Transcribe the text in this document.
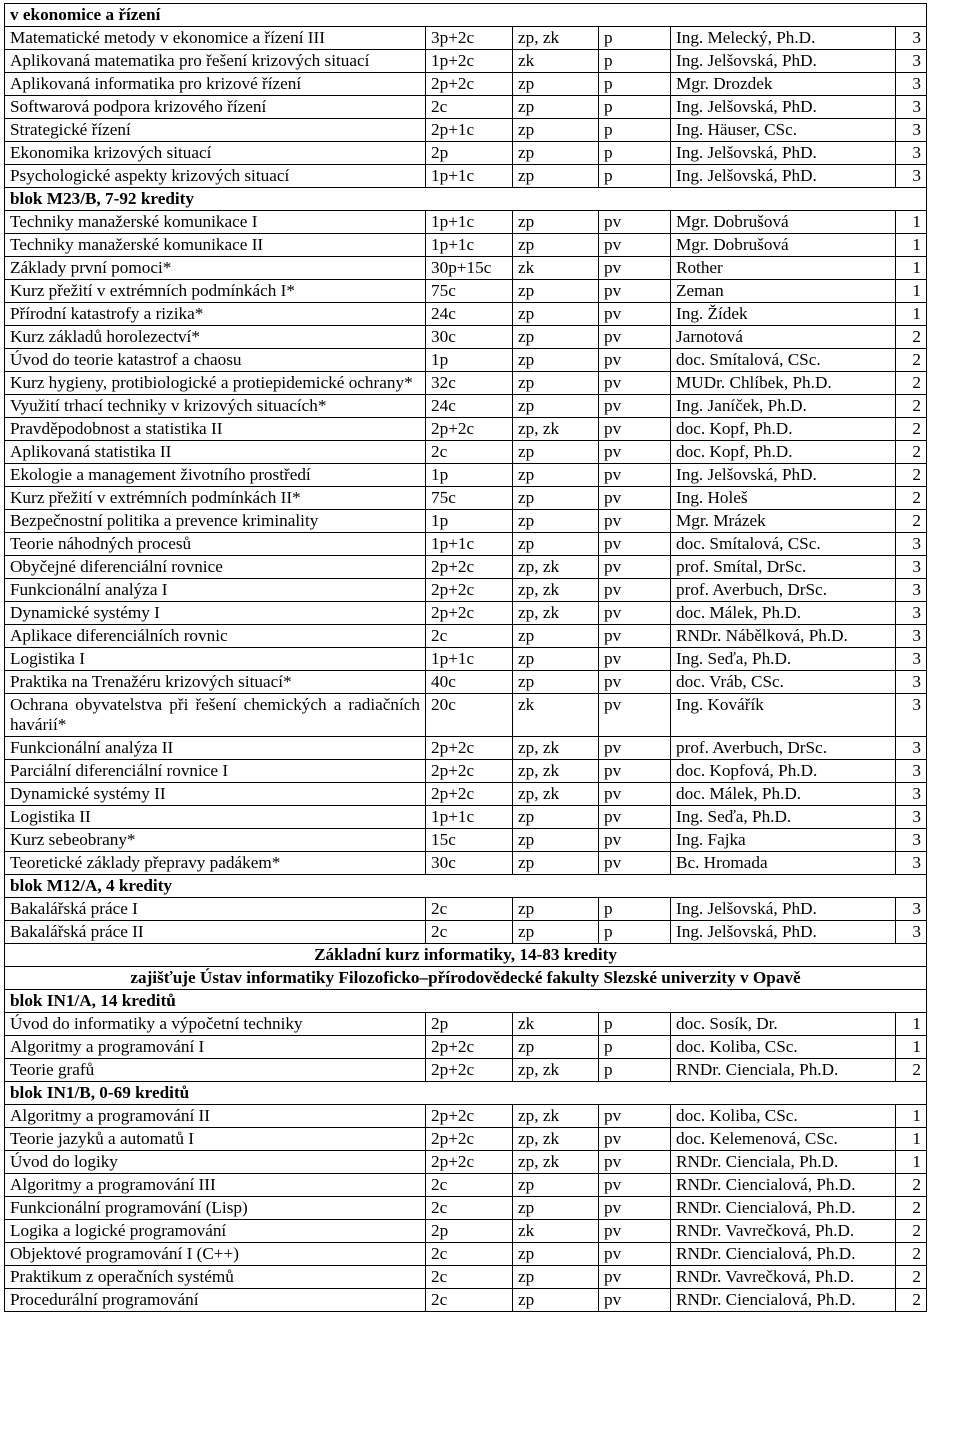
v ekonomice a řízení					
Matematické metody v ekonomice a řízení III	3p+2c	zp, zk	p	Ing. Melecký, Ph.D.	3
Aplikovaná matematika pro řešení krizových situací	1p+2c	zk	p	Ing. Jelšovská, PhD.	3
Aplikovaná informatika pro krizové řízení	2p+2c	zp	p	Mgr. Drozdek	3
Softwarová podpora krizového řízení	2c	zp	p	Ing. Jelšovská, PhD.	3
Strategické řízení	2p+1c	zp	p	Ing. Häuser, CSc.	3
Ekonomika krizových situací	2p	zp	p	Ing. Jelšovská, PhD.	3
Psychologické aspekty krizových situací	1p+1c	zp	p	Ing. Jelšovská, PhD.	3
blok M23/B, 7-92 kredity					
Techniky manažerské komunikace I	1p+1c	zp	pv	Mgr. Dobrušová	1
Techniky manažerské komunikace II	1p+1c	zp	pv	Mgr. Dobrušová	1
Základy první pomoci*	30p+15c	zk	pv	Rother	1
Kurz přežití v extrémních podmínkách I*	75c	zp	pv	Zeman	1
Přírodní katastrofy a rizika*	24c	zp	pv	Ing. Žídek	1
Kurz základů horolezectví*	30c	zp	pv	Jarnotová	2
Úvod do teorie katastrof a chaosu	1p	zp	pv	doc. Smítalová, CSc.	2
Kurz hygieny, protibiologické a protiepidemické ochrany*	32c	zp	pv	MUDr. Chlíbek, Ph.D.	2
Využití trhací techniky v krizových situacích*	24c	zp	pv	Ing. Janíček, Ph.D.	2
Pravděpodobnost a statistika II	2p+2c	zp, zk	pv	doc. Kopf, Ph.D.	2
Aplikovaná statistika II	2c	zp	pv	doc. Kopf, Ph.D.	2
Ekologie a management životního prostředí	1p	zp	pv	Ing. Jelšovská, PhD.	2
Kurz přežití v extrémních podmínkách II*	75c	zp	pv	Ing. Holeš	2
Bezpečnostní politika a prevence kriminality	1p	zp	pv	Mgr. Mrázek	2
Teorie náhodných procesů	1p+1c	zp	pv	doc. Smítalová, CSc.	3
Obyčejné diferenciální rovnice	2p+2c	zp, zk	pv	prof. Smítal, DrSc.	3
Funkcionální analýza I	2p+2c	zp, zk	pv	prof. Averbuch, DrSc.	3
Dynamické systémy I	2p+2c	zp, zk	pv	doc. Málek, Ph.D.	3
Aplikace diferenciálních rovnic	2c	zp	pv	RNDr. Nábělková, Ph.D.	3
Logistika I	1p+1c	zp	pv	Ing. Seďa, Ph.D.	3
Praktika na Trenažéru krizových situací*	40c	zp	pv	doc. Vráb, CSc.	3
Ochrana obyvatelstva při řešení chemických a radiačních havárií*	20c	zk	pv	Ing. Kovářík	3
Funkcionální analýza II	2p+2c	zp, zk	pv	prof. Averbuch, DrSc.	3
Parciální diferenciální rovnice I	2p+2c	zp, zk	pv	doc. Kopfová, Ph.D.	3
Dynamické systémy II	2p+2c	zp, zk	pv	doc. Málek, Ph.D.	3
Logistika II	1p+1c	zp	pv	Ing. Seďa, Ph.D.	3
Kurz sebeobrany*	15c	zp	pv	Ing. Fajka	3
Teoretické základy přepravy padákem*	30c	zp	pv	Bc. Hromada	3
blok M12/A, 4 kredity					
Bakalářská práce I	2c	zp	p	Ing. Jelšovská, PhD.	3
Bakalářská práce II	2c	zp	p	Ing. Jelšovská, PhD.	3
Základní kurz informatiky, 14-83 kredity					
zajišťuje Ústav informatiky Filozoficko–přírodovědecké fakulty Slezské univerzity v Opavě					
blok IN1/A, 14 kreditů					
Úvod do informatiky a výpočetní techniky	2p	zk	p	doc. Sosík, Dr.	1
Algoritmy a programování I	2p+2c	zp	p	doc. Koliba, CSc.	1
Teorie grafů	2p+2c	zp, zk	p	RNDr. Cienciala, Ph.D.	2
blok IN1/B, 0-69 kreditů					
Algoritmy a programování II	2p+2c	zp, zk	pv	doc. Koliba, CSc.	1
Teorie jazyků a automatů I	2p+2c	zp, zk	pv	doc. Kelemenová, CSc.	1
Úvod do logiky	2p+2c	zp, zk	pv	RNDr. Cienciala, Ph.D.	1
Algoritmy a programování III	2c	zp	pv	RNDr. Ciencialová, Ph.D.	2
Funkcionální programování (Lisp)	2c	zp	pv	RNDr. Ciencialová, Ph.D.	2
Logika a logické programování	2p	zk	pv	RNDr. Vavrečková, Ph.D.	2
Objektové programování I (C++)	2c	zp	pv	RNDr. Ciencialová, Ph.D.	2
Praktikum z operačních systémů	2c	zp	pv	RNDr. Vavrečková, Ph.D.	2
Procedurální programování	2c	zp	pv	RNDr. Ciencialová, Ph.D.	2
